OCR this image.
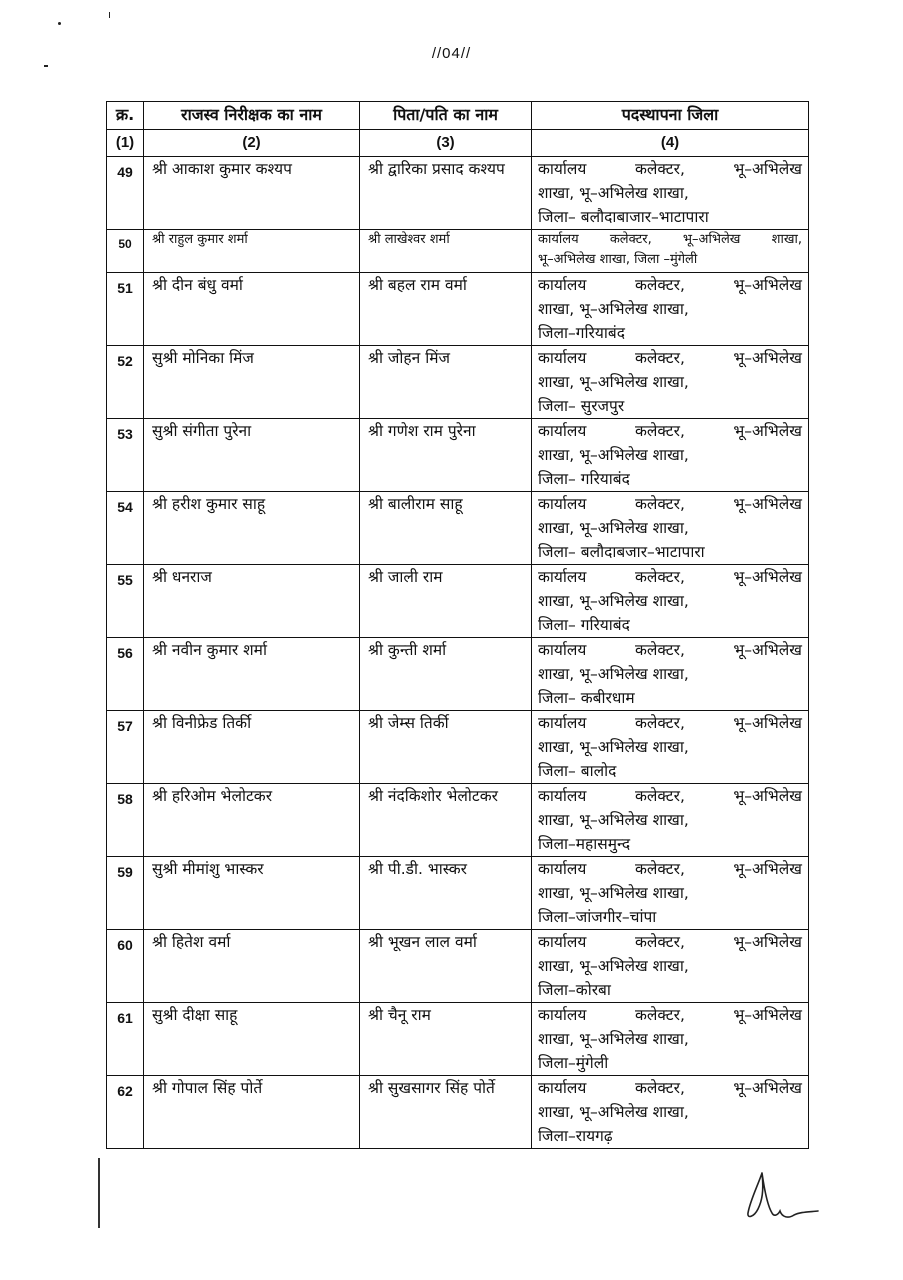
//04//
क्र.	राजस्व निरीक्षक का नाम	पिता/पति का नाम	पदस्थापना जिला
(1)	(2)	(3)	(4)
49	श्री आकाश कुमार कश्यप	श्री द्वारिका प्रसाद कश्यप	कार्यालय कलेक्टर, भू–अभिलेख
शाखा, भू–अभिलेख शाखा,
जिला– बलौदाबाजार–भाटापारा

50	श्री राहुल कुमार शर्मा	श्री लाखेश्वर शर्मा	कार्यालय कलेक्टर, भू–अभिलेख शाखा,
भू–अभिलेख शाखा, जिला –मुंगेली

51	श्री दीन बंधु वर्मा	श्री बहल राम वर्मा	कार्यालय कलेक्टर, भू–अभिलेख
शाखा, भू–अभिलेख शाखा,
जिला–गरियाबंद

52	सुश्री मोनिका मिंज	श्री जोहन मिंज	कार्यालय कलेक्टर, भू–अभिलेख
शाखा, भू–अभिलेख शाखा,
जिला– सुरजपुर

53	सुश्री संगीता पुरेना	श्री गणेश राम पुरेना	कार्यालय कलेक्टर, भू–अभिलेख
शाखा, भू–अभिलेख शाखा,
जिला– गरियाबंद

54	श्री हरीश कुमार साहू	श्री बालीराम साहू	कार्यालय कलेक्टर, भू–अभिलेख
शाखा, भू–अभिलेख शाखा,
जिला– बलौदाबजार–भाटापारा

55	श्री धनराज	श्री जाली राम	कार्यालय कलेक्टर, भू–अभिलेख
शाखा, भू–अभिलेख शाखा,
जिला– गरियाबंद

56	श्री नवीन कुमार शर्मा	श्री कुन्ती शर्मा	कार्यालय कलेक्टर, भू–अभिलेख
शाखा, भू–अभिलेख शाखा,
जिला– कबीरधाम

57	श्री विनीफ्रेड तिर्की	श्री जेम्स तिर्की	कार्यालय कलेक्टर, भू–अभिलेख
शाखा, भू–अभिलेख शाखा,
जिला– बालोद

58	श्री हरिओम भेलोटकर	श्री नंदकिशोर भेलोटकर	कार्यालय कलेक्टर, भू–अभिलेख
शाखा, भू–अभिलेख शाखा,
जिला–महासमुन्द

59	सुश्री मीमांशु भास्कर	श्री पी.डी. भास्कर	कार्यालय कलेक्टर, भू–अभिलेख
शाखा, भू–अभिलेख शाखा,
जिला–जांजगीर–चांपा

60	श्री हितेश वर्मा	श्री भूखन लाल वर्मा	कार्यालय कलेक्टर, भू–अभिलेख
शाखा, भू–अभिलेख शाखा,
जिला–कोरबा

61	सुश्री दीक्षा साहू	श्री चैनू राम	कार्यालय कलेक्टर, भू–अभिलेख
शाखा, भू–अभिलेख शाखा,
जिला–मुंगेली

62	श्री गोपाल सिंह पोर्ते	श्री सुखसागर सिंह पोर्ते	कार्यालय कलेक्टर, भू–अभिलेख
शाखा, भू–अभिलेख शाखा,
जिला–रायगढ़
